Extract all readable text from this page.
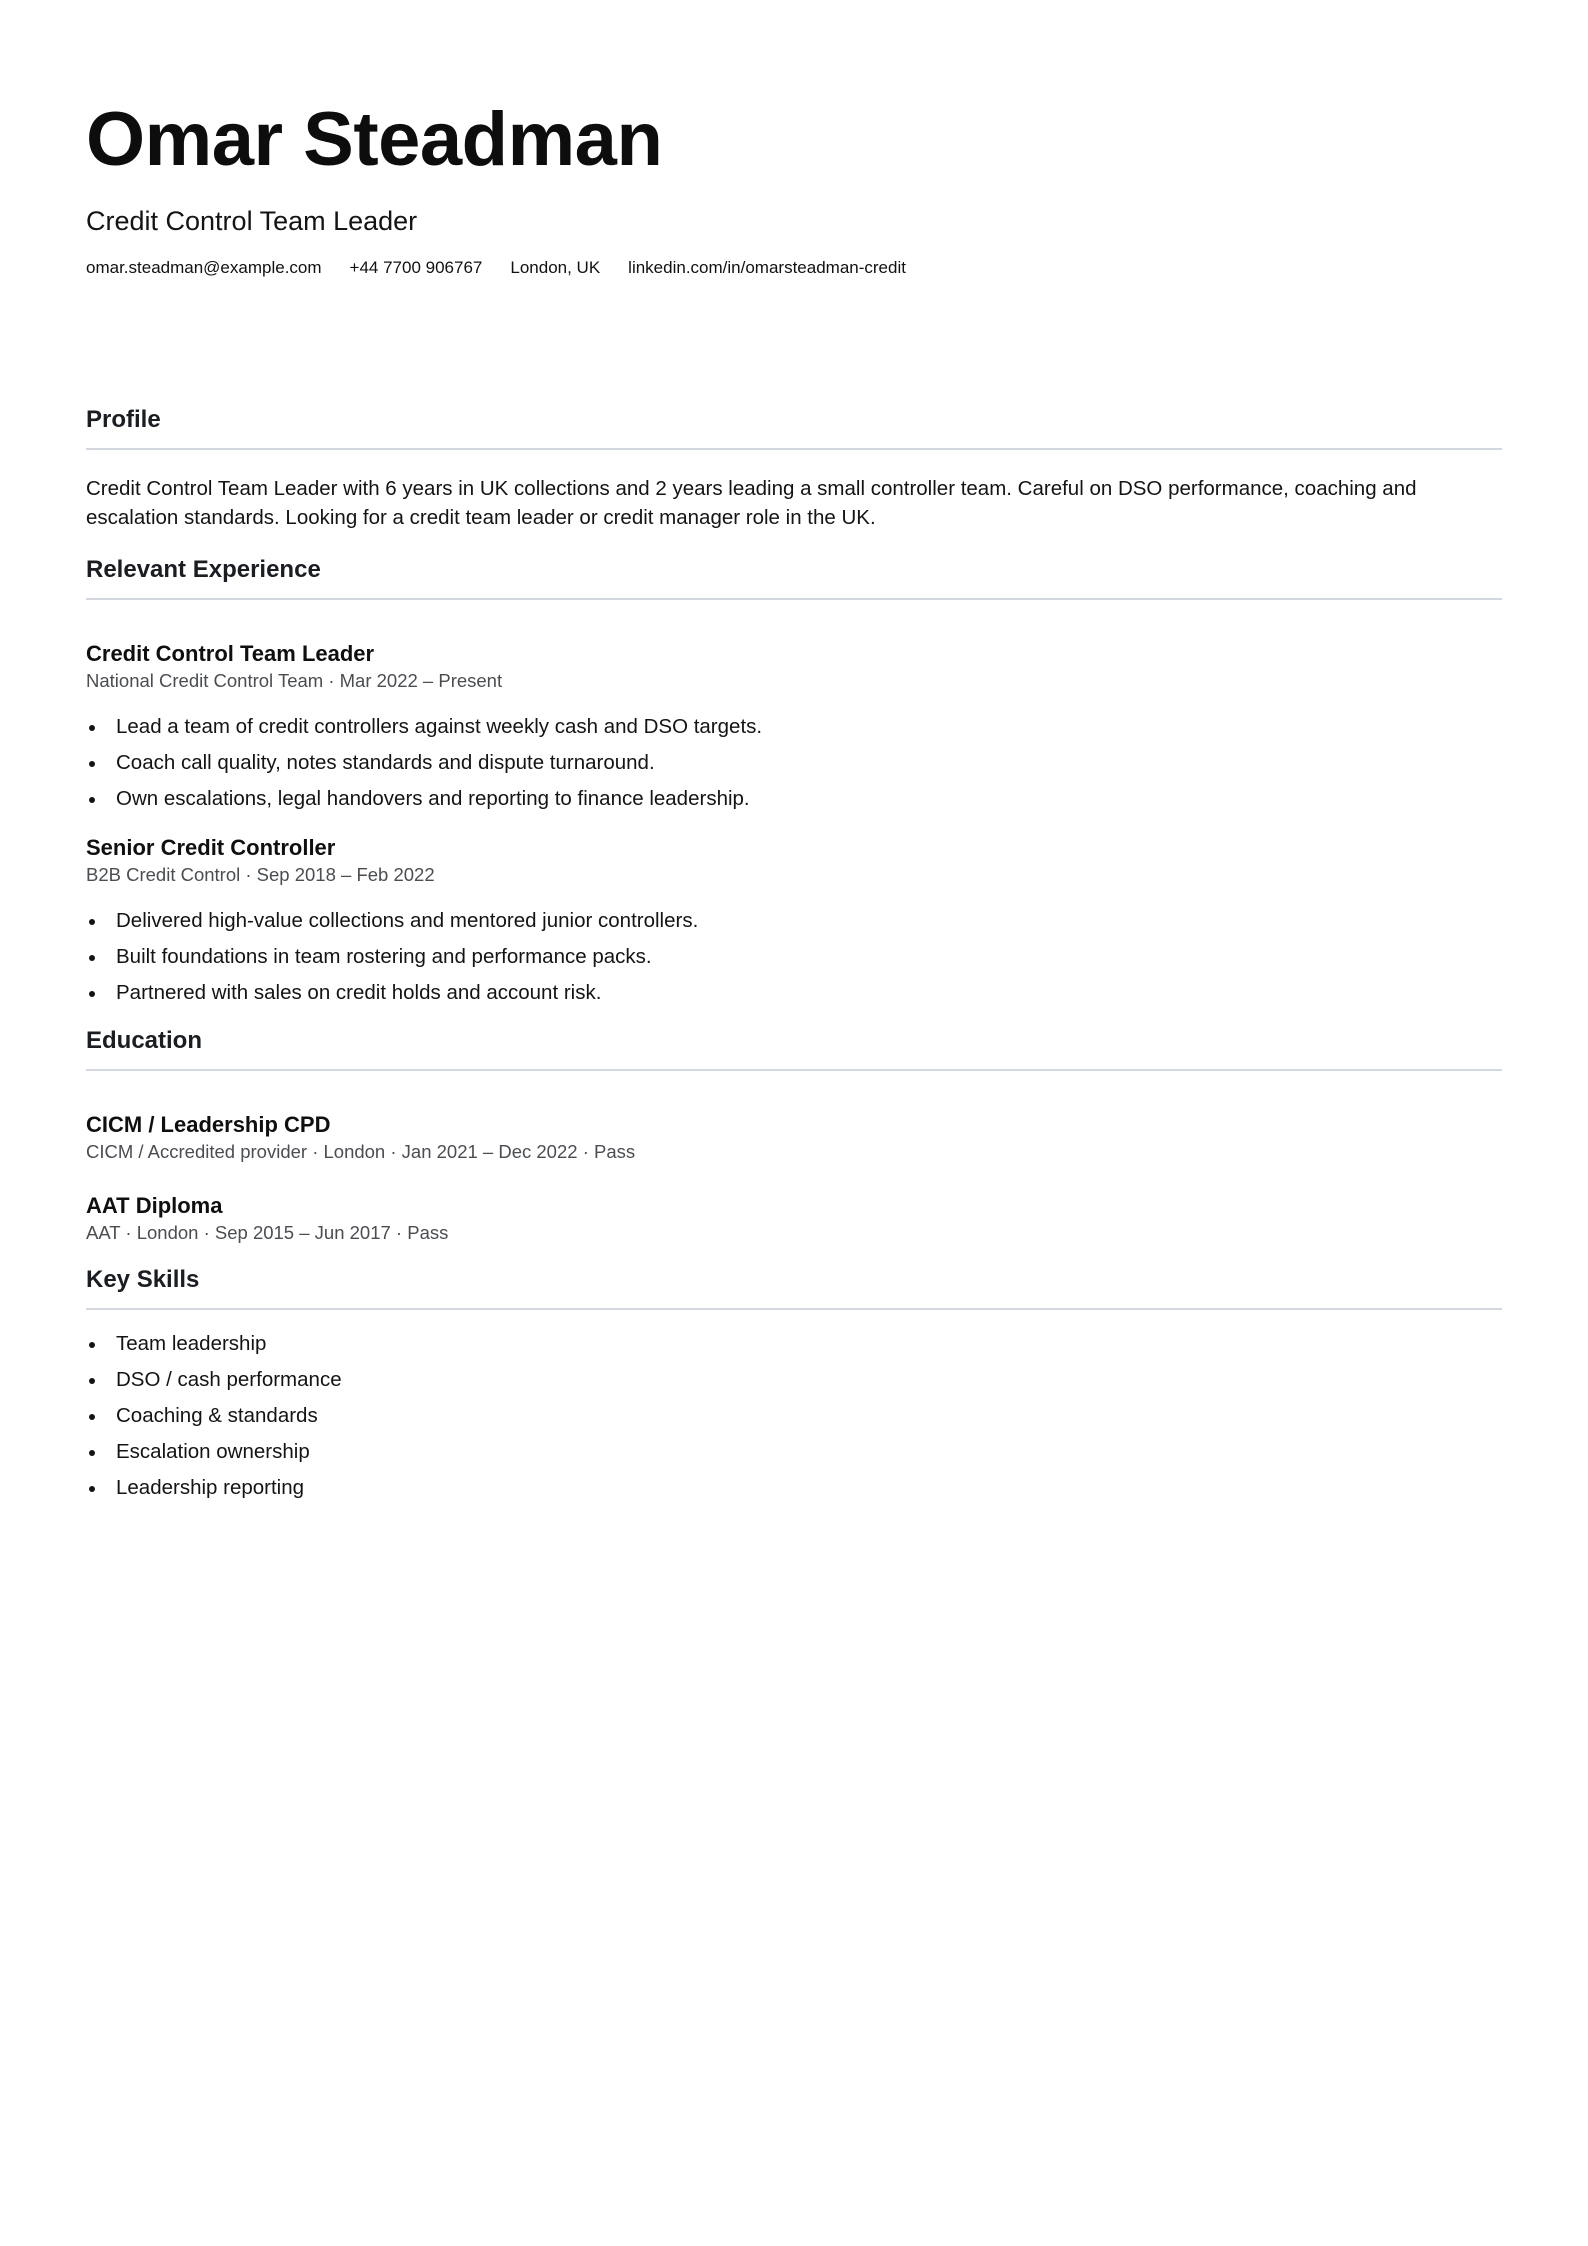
Omar Steadman
Credit Control Team Leader
omar.steadman@example.com +44 7700 906767 London, UK linkedin.com/in/omarsteadman-credit
Profile
Credit Control Team Leader with 6 years in UK collections and 2 years leading a small controller team. Careful on DSO performance, coaching and escalation standards. Looking for a credit team leader or credit manager role in the UK.
Relevant Experience
Credit Control Team Leader
National Credit Control Team · Mar 2022 – Present
Lead a team of credit controllers against weekly cash and DSO targets.
Coach call quality, notes standards and dispute turnaround.
Own escalations, legal handovers and reporting to finance leadership.
Senior Credit Controller
B2B Credit Control · Sep 2018 – Feb 2022
Delivered high-value collections and mentored junior controllers.
Built foundations in team rostering and performance packs.
Partnered with sales on credit holds and account risk.
Education
CICM / Leadership CPD
CICM / Accredited provider · London · Jan 2021 – Dec 2022 · Pass
AAT Diploma
AAT · London · Sep 2015 – Jun 2017 · Pass
Key Skills
Team leadership
DSO / cash performance
Coaching & standards
Escalation ownership
Leadership reporting
